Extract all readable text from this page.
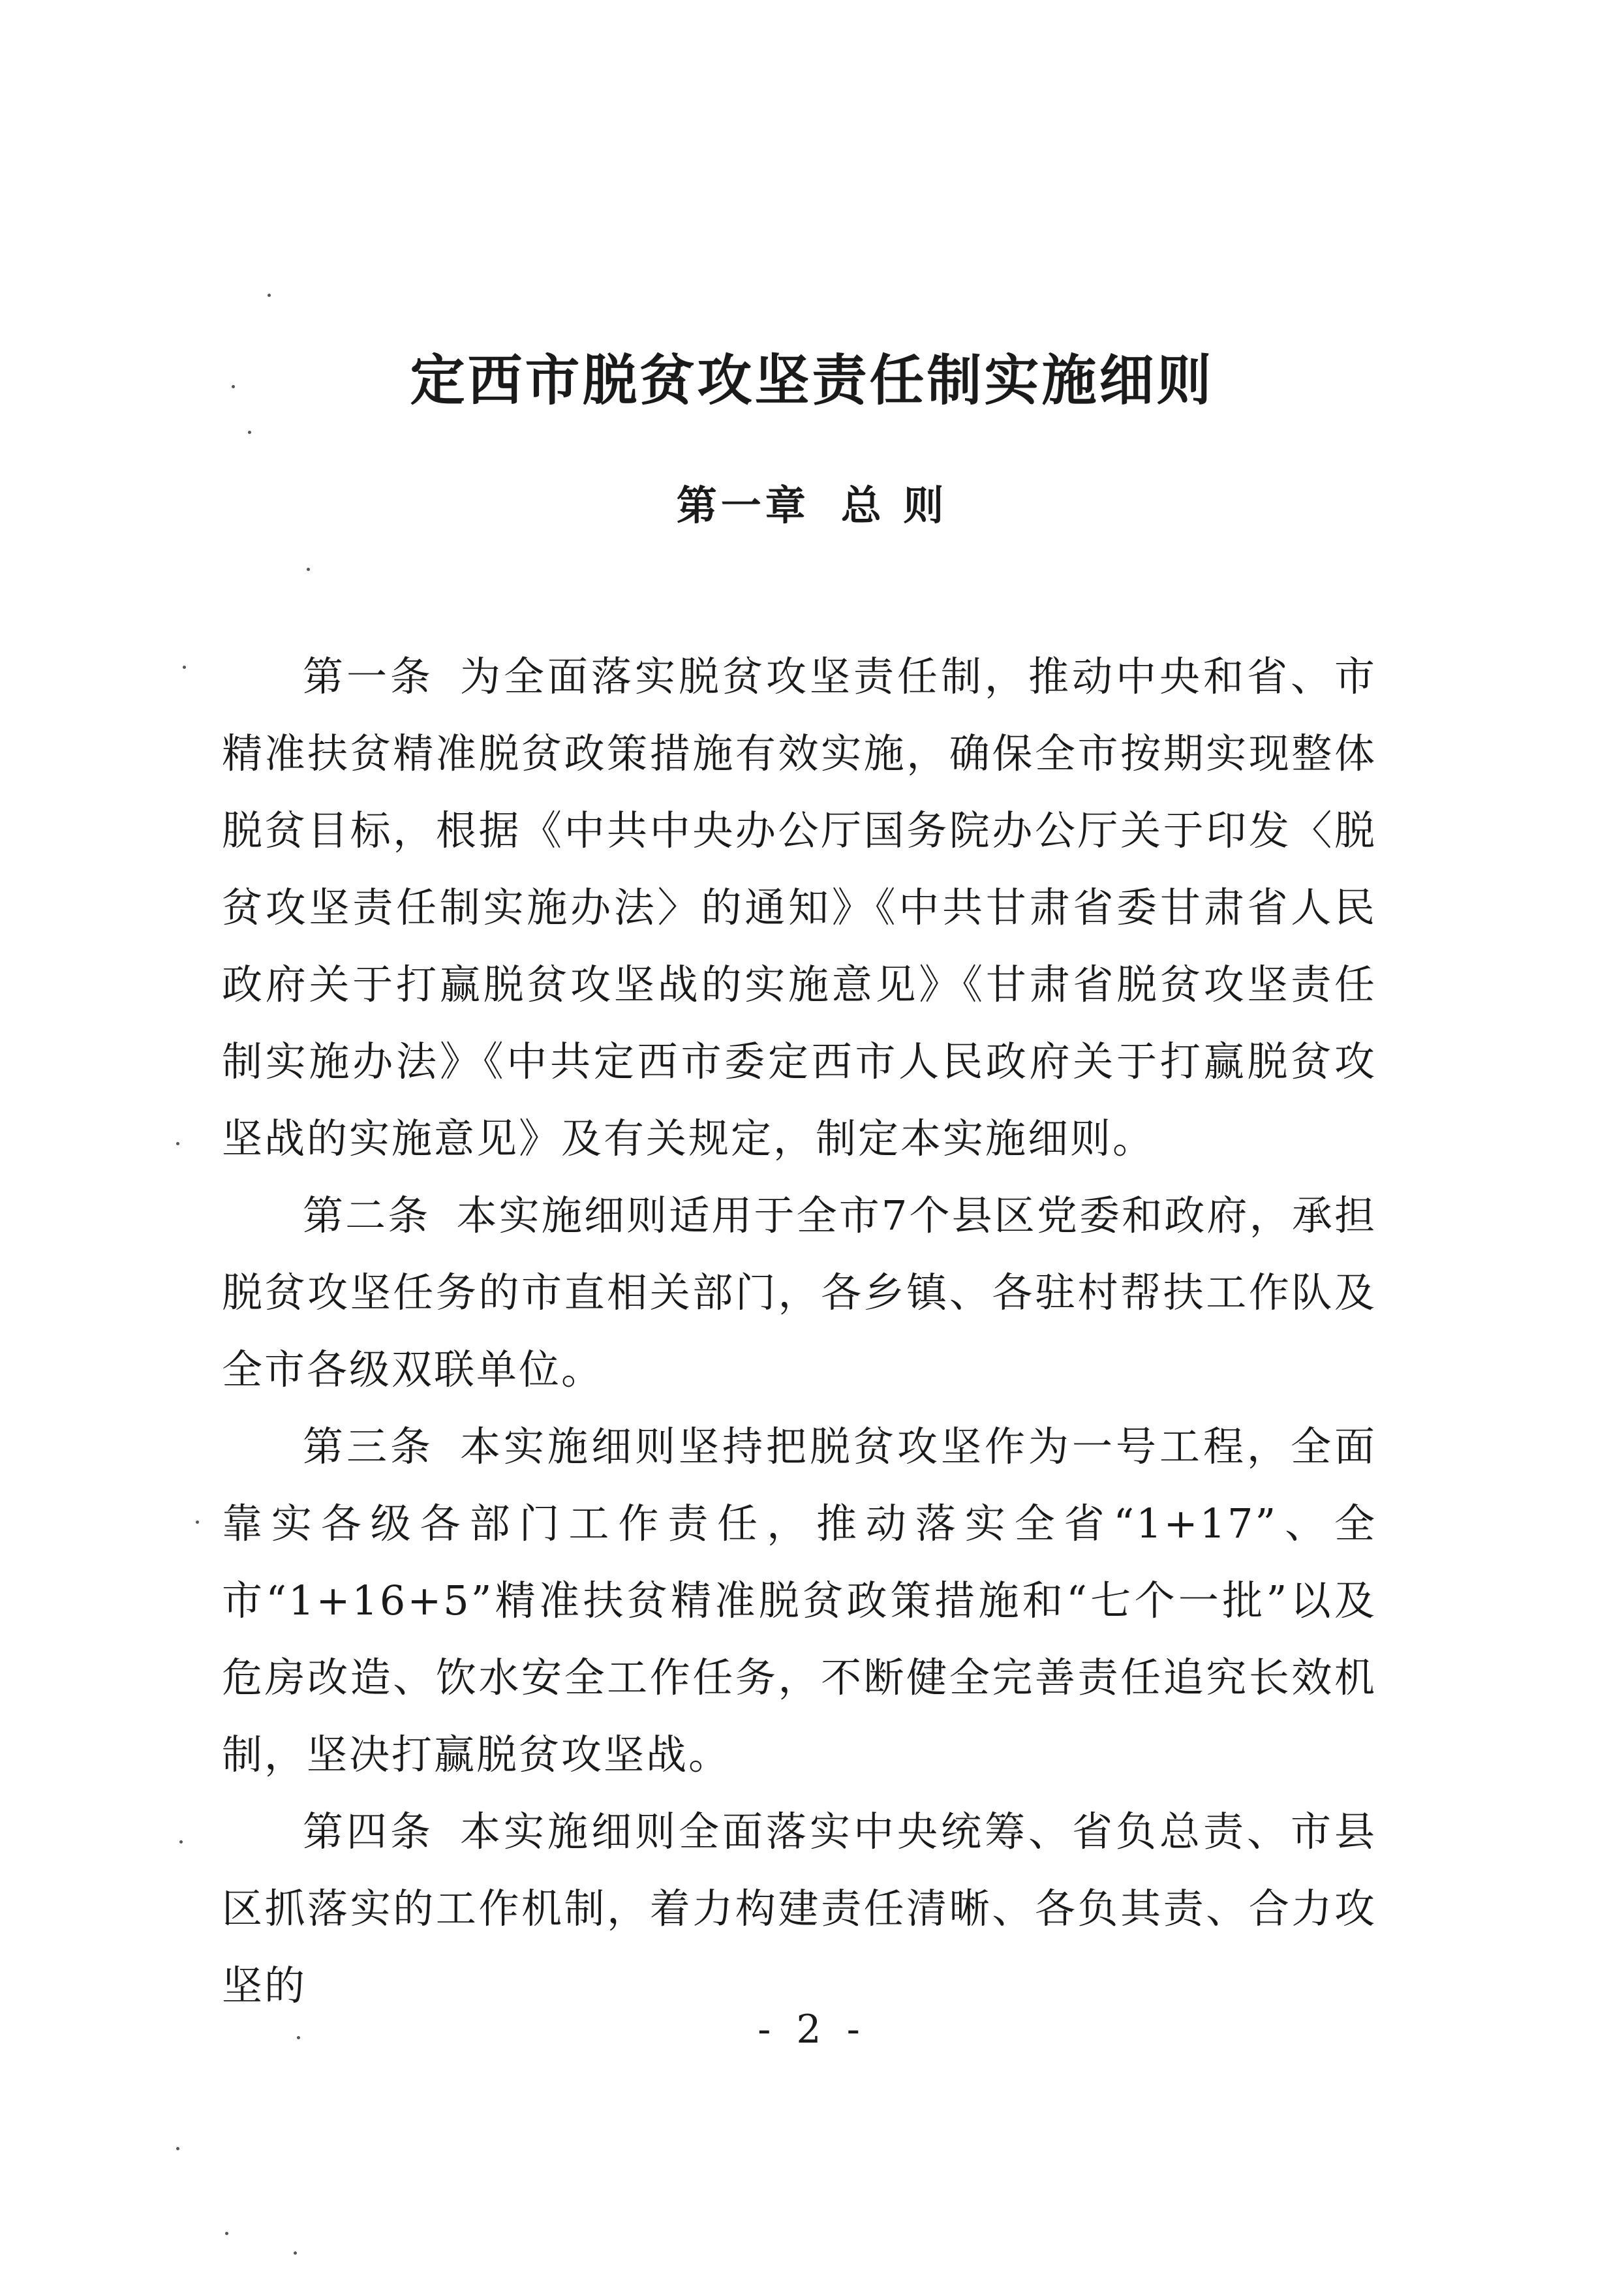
定西市脱贫攻坚责任制实施细则
第一章 总 则

第一条 为全面落实脱贫攻坚责任制，推动中央和省、市精准扶贫精准脱贫政策措施有效实施，确保全市按期实现整体脱贫目标，根据《中共中央办公厅国务院办公厅关于印发〈脱贫攻坚责任制实施办法〉的通知》《中共甘肃省委甘肃省人民政府关于打赢脱贫攻坚战的实施意见》《甘肃省脱贫攻坚责任制实施办法》《中共定西市委定西市人民政府关于打赢脱贫攻坚战的实施意见》及有关规定，制定本实施细则。

第二条 本实施细则适用于全市7个县区党委和政府，承担脱贫攻坚任务的市直相关部门，各乡镇、各驻村帮扶工作队及全市各级双联单位。

第三条 本实施细则坚持把脱贫攻坚作为一号工程，全面靠实各级各部门工作责任，推动落实全省“1+17”、全市“1+16+5”精准扶贫精准脱贫政策措施和“七个一批”以及危房改造、饮水安全工作任务，不断健全完善责任追究长效机制，坚决打赢脱贫攻坚战。

第四条 本实施细则全面落实中央统筹、省负总责、市县区抓落实的工作机制，着力构建责任清晰、各负其责、合力攻坚的

- 2 -
